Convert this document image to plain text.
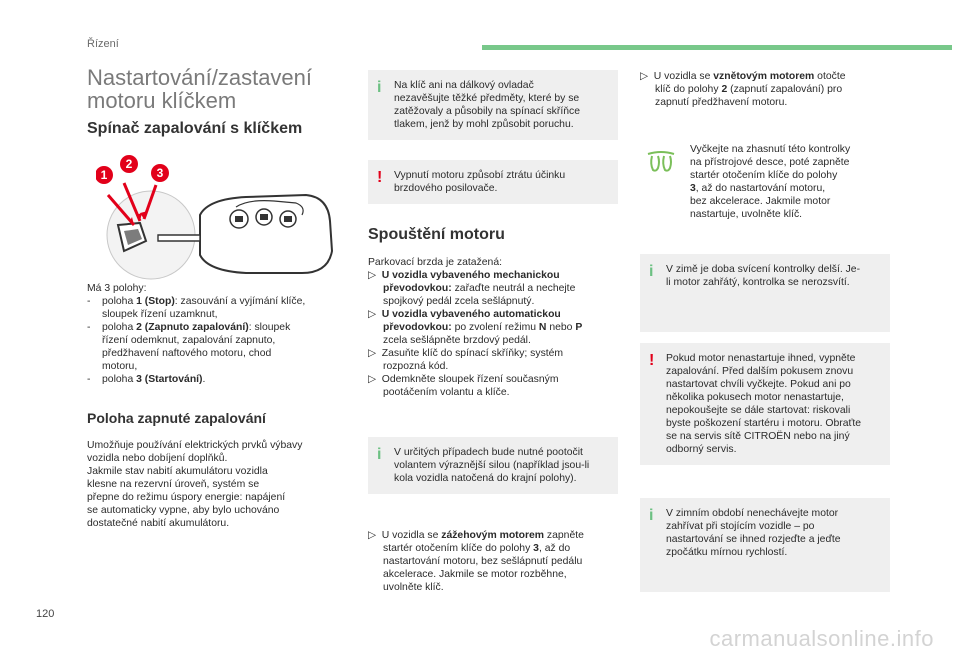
Řízení
Nastartování/zastavení motoru klíčkem
Spínač zapalování s klíčkem
1
2
3
Má 3 polohy:
-    poloha 1 (Stop): zasouvání a vyjímání klíče,
sloupek řízení uzamknut,
-    poloha 2 (Zapnuto zapalování): sloupek
řízení odemknut, zapalování zapnuto,
předžhavení naftového motoru, chod
motoru,
-    poloha 3 (Startování).
Poloha zapnuté zapalování
Umožňuje používání elektrických prvků výbavy
vozidla nebo dobíjení doplňků.
Jakmile stav nabití akumulátoru vozidla
klesne na rezervní úroveň, systém se
přepne do režimu úspory energie: napájení
se automaticky vypne, aby bylo uchováno
dostatečné nabití akumulátoru.
i Na klíč ani na dálkový ovladač
nezavěšujte těžké předměty, které by se
zatěžovaly a působily na spínací skříňce
tlakem, jenž by mohl způsobit poruchu.
! Vypnutí motoru způsobí ztrátu účinku
brzdového posilovače.
Spouštění motoru
Parkovací brzda je zatažená:
▷  U vozidla vybaveného mechanickou
převodovkou: zařaďte neutrál a nechejte
spojkový pedál zcela sešlápnutý.
▷  U vozidla vybaveného automatickou
převodovkou: po zvolení režimu N nebo P
zcela sešlápněte brzdový pedál.
▷  Zasuňte klíč do spínací skříňky; systém
rozpozná kód.
▷  Odemkněte sloupek řízení současným
pootáčením volantu a klíče.
i V určitých případech bude nutné pootočit
volantem výraznější silou (například jsou-li
kola vozidla natočená do krajní polohy).
▷  U vozidla se zážehovým motorem zapněte
startér otočením klíče do polohy 3, až do
nastartování motoru, bez sešlápnutí pedálu
akcelerace. Jakmile se motor rozběhne,
uvolněte klíč.
▷  U vozidla se vznětovým motorem otočte
klíč do polohy 2 (zapnutí zapalování) pro
zapnutí předžhavení motoru.
Vyčkejte na zhasnutí této kontrolky
na přístrojové desce, poté zapněte
startér otočením klíče do polohy
3, až do nastartování motoru,
bez akcelerace. Jakmile motor
nastartuje, uvolněte klíč.
i V zimě je doba svícení kontrolky delší. Je-
li motor zahřátý, kontrolka se nerozsvítí.
! Pokud motor nenastartuje ihned, vypněte
zapalování. Před dalším pokusem znovu
nastartovat chvíli vyčkejte. Pokud ani po
několika pokusech motor nenastartuje,
nepokoušejte se dále startovat: riskovali
byste poškození startéru i motoru. Obraťte
se na servis sítě CITROËN nebo na jiný
odborný servis.
i V zimním období nenechávejte motor
zahřívat při stojícím vozidle – po
nastartování se ihned rozjeďte a jeďte
zpočátku mírnou rychlostí.
120
carmanualsonline.info
